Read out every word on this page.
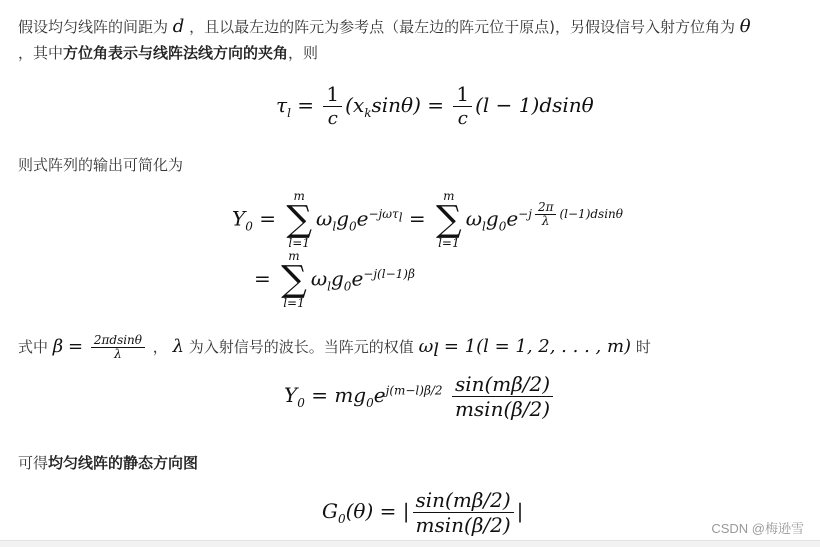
假设均匀线阵的间距为 d ，且以最左边的阵元为参考点（最左边的阵元位于原点)，另假设信号入射方位角为 θ
，其中方位角表示与线阵法线方向的夹角，则
$\tau_l = \frac{1}{c} (x_k\sin\theta) = \frac{1}{c} (l - 1)dsin\theta$
则式阵列的输出可简化为
$Y_0$ =
m
∑
l=1
$\omega_lg_0e^{-j\omega\tau_l}$ =
m
∑
l=1
$\omega_lg_0e^{-j \frac{2\pi}{\lambda} (l-1)dsin\theta}$
=
m
∑
l=1
$\omega_lg_0e^{-j(l-1)\beta}$
式中 $\beta = \frac{2\pi dsin\theta}{\lambda}$ ， λ 为入射信号的波长。当阵元的权值 $\omega_l = 1(l = 1$, 2, . . . , m) 时
$Y_0 = mg_0e^{j(m-l)\beta/2} \frac{\sin(m\beta/2)}{msin(\beta/2)}$
可得均匀线阵的静态方向图
$G_0(\theta)$ = | $\frac{\sin(m\beta/2)}{msin(\beta/2)}$ |
CSDN @梅逊雪
